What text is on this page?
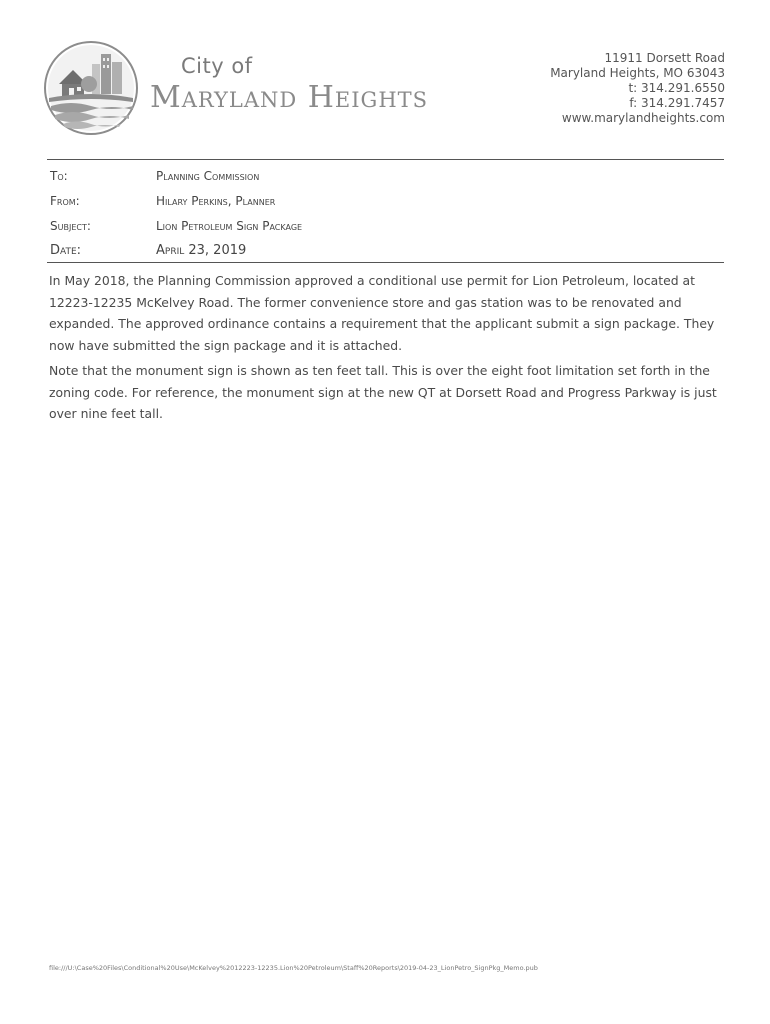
City of
Maryland Heights
11911 Dorsett Road
Maryland Heights, MO 63043
t: 314.291.6550
f: 314.291.7457
www.marylandheights.com
To:	Planning Commission
From:	Hilary Perkins, Planner
Subject:	Lion Petroleum Sign Package
Date:	April 23, 2019

In May 2018, the Planning Commission approved a conditional use permit for Lion Petroleum, located at 12223-12235 McKelvey Road. The former convenience store and gas station was to be renovated and expanded. The approved ordinance contains a requirement that the applicant submit a sign package. They now have submitted the sign package and it is attached.

Note that the monument sign is shown as ten feet tall. This is over the eight foot limitation set forth in the zoning code. For reference, the monument sign at the new QT at Dorsett Road and Progress Parkway is just over nine feet tall.

file:///U:\Case%20Files\Conditional%20Use\McKelvey%2012223-12235.Lion%20Petroleum\Staff%20Reports\2019-04-23_LionPetro_SignPkg_Memo.pub
